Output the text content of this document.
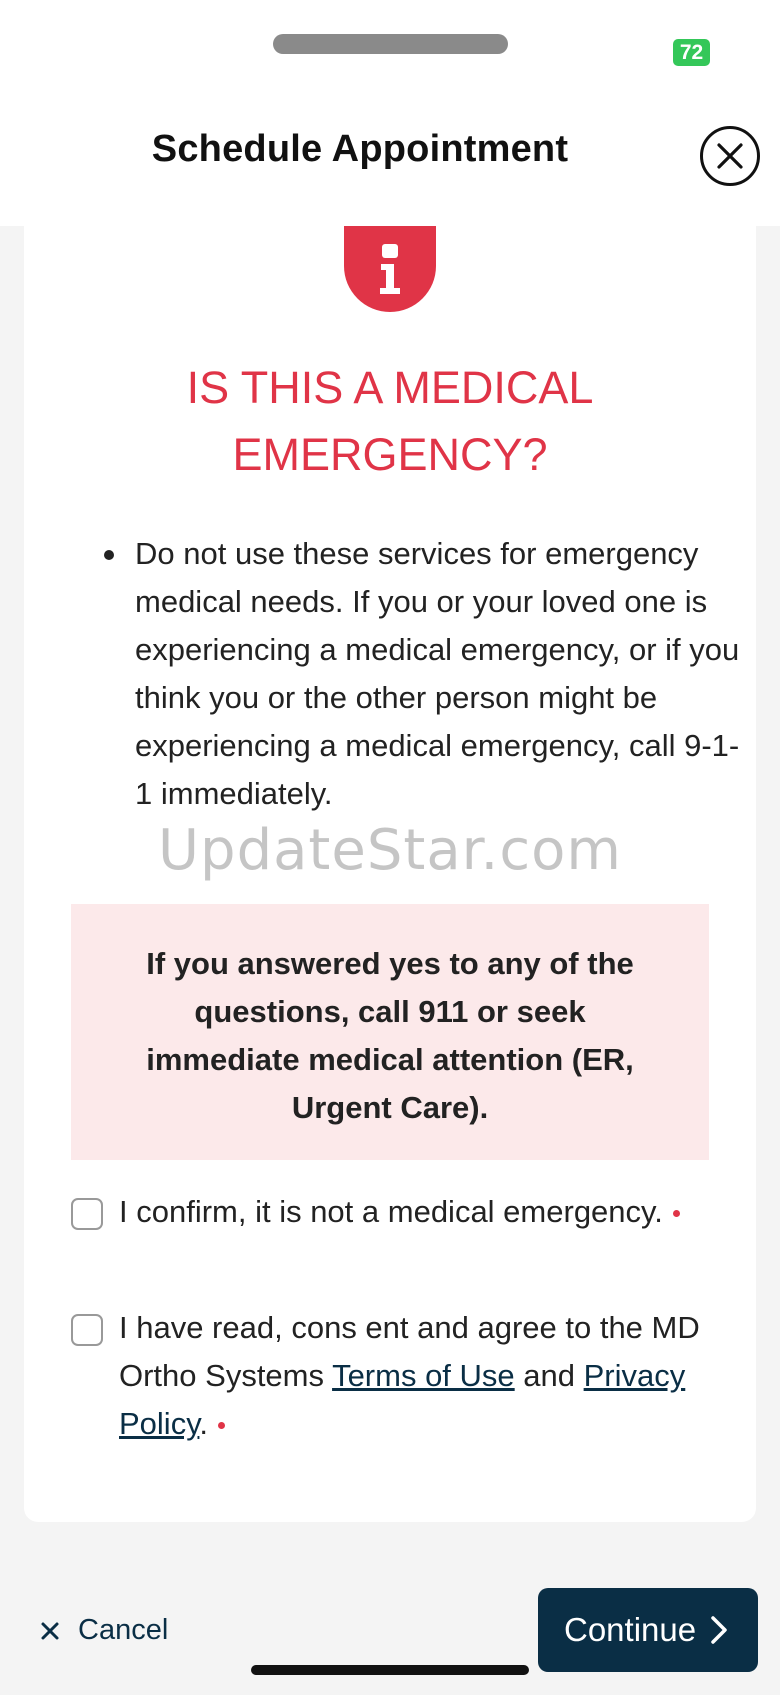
72
Schedule Appointment
IS THIS A MEDICAL EMERGENCY?
Do not use these services for emergency medical needs. If you or your loved one is experiencing a medical emergency, or if you think you or the other person might be experiencing a medical emergency, call 9-1-1 immediately.

If you answered yes to any of the questions, call 911 or seek immediate medical attention (ER, Urgent Care).

I confirm, it is not a medical emergency.
I have read, cons ent and agree to the MD Ortho Systems Terms of Use and Privacy Policy.
UpdateStar.com
Cancel	Continue
